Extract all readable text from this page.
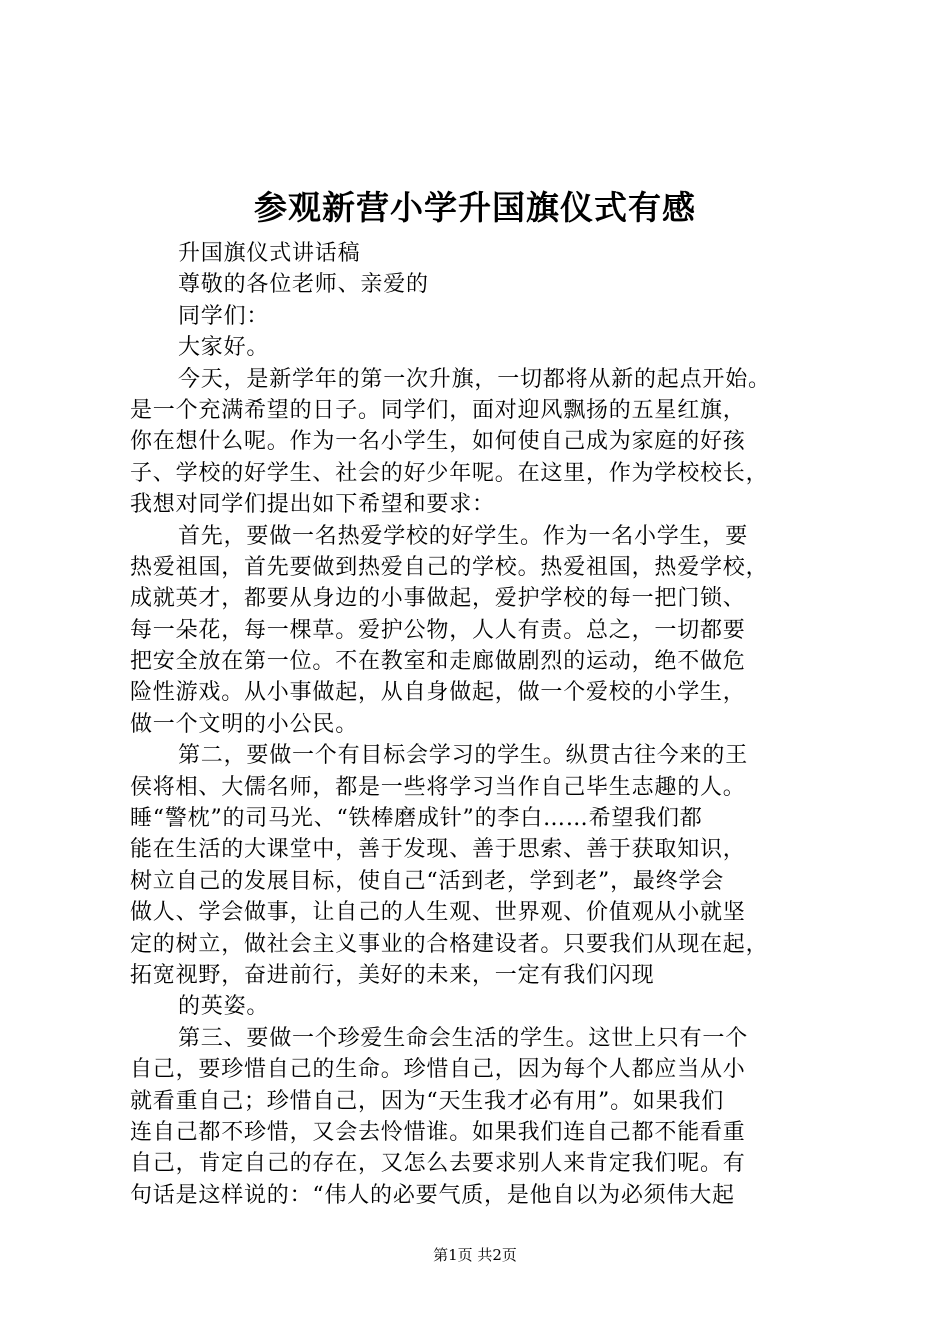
参观新营小学升国旗仪式有感
升国旗仪式讲话稿
尊敬的各位老师、亲爱的
同学们：
大家好。
今天，是新学年的第一次升旗，一切都将从新的起点开始。
是一个充满希望的日子。同学们，面对迎风飘扬的五星红旗，
你在想什么呢。作为一名小学生，如何使自己成为家庭的好孩
子、学校的好学生、社会的好少年呢。在这里，作为学校校长，
我想对同学们提出如下希望和要求：
首先，要做一名热爱学校的好学生。作为一名小学生，要
热爱祖国，首先要做到热爱自己的学校。热爱祖国，热爱学校，
成就英才，都要从身边的小事做起，爱护学校的每一把门锁、
每一朵花，每一棵草。爱护公物，人人有责。总之，一切都要
把安全放在第一位。不在教室和走廊做剧烈的运动，绝不做危
险性游戏。从小事做起，从自身做起，做一个爱校的小学生，
做一个文明的小公民。
第二，要做一个有目标会学习的学生。纵贯古往今来的王
侯将相、大儒名师，都是一些将学习当作自己毕生志趣的人。
睡“警枕”的司马光、“铁棒磨成针”的李白……希望我们都
能在生活的大课堂中，善于发现、善于思索、善于获取知识，
树立自己的发展目标，使自己“活到老，学到老”，最终学会
做人、学会做事，让自己的人生观、世界观、价值观从小就坚
定的树立，做社会主义事业的合格建设者。只要我们从现在起，
拓宽视野，奋进前行，美好的未来，一定有我们闪现
的英姿。
第三、要做一个珍爱生命会生活的学生。这世上只有一个
自己，要珍惜自己的生命。珍惜自己，因为每个人都应当从小
就看重自己；珍惜自己，因为“天生我才必有用”。如果我们
连自己都不珍惜，又会去怜惜谁。如果我们连自己都不能看重
自己，肯定自己的存在，又怎么去要求别人来肯定我们呢。有
句话是这样说的：“伟人的必要气质，是他自以为必须伟大起
第1页 共2页
